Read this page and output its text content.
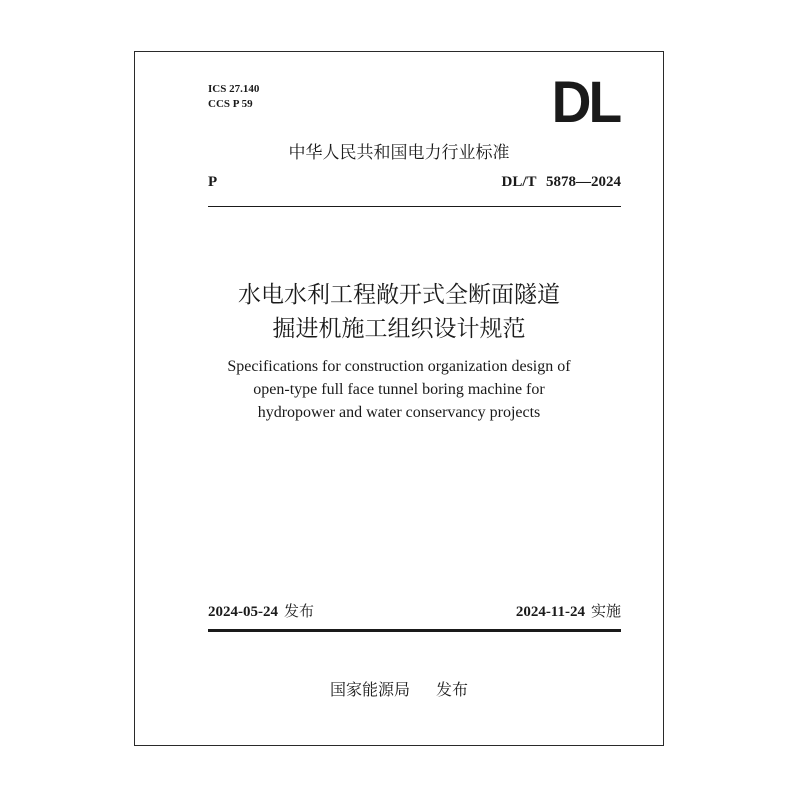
ICS 27.140
CCS P 59	DL
中华人民共和国电力行业标准
P	DL/T 5878—2024
水电水利工程敞开式全断面隧道
掘进机施工组织设计规范
Specifications for construction organization design of
open-type full face tunnel boring machine for
hydropower and water conservancy projects
2024-05-24 发布	2024-11-24 实施
国家能源局 发布
